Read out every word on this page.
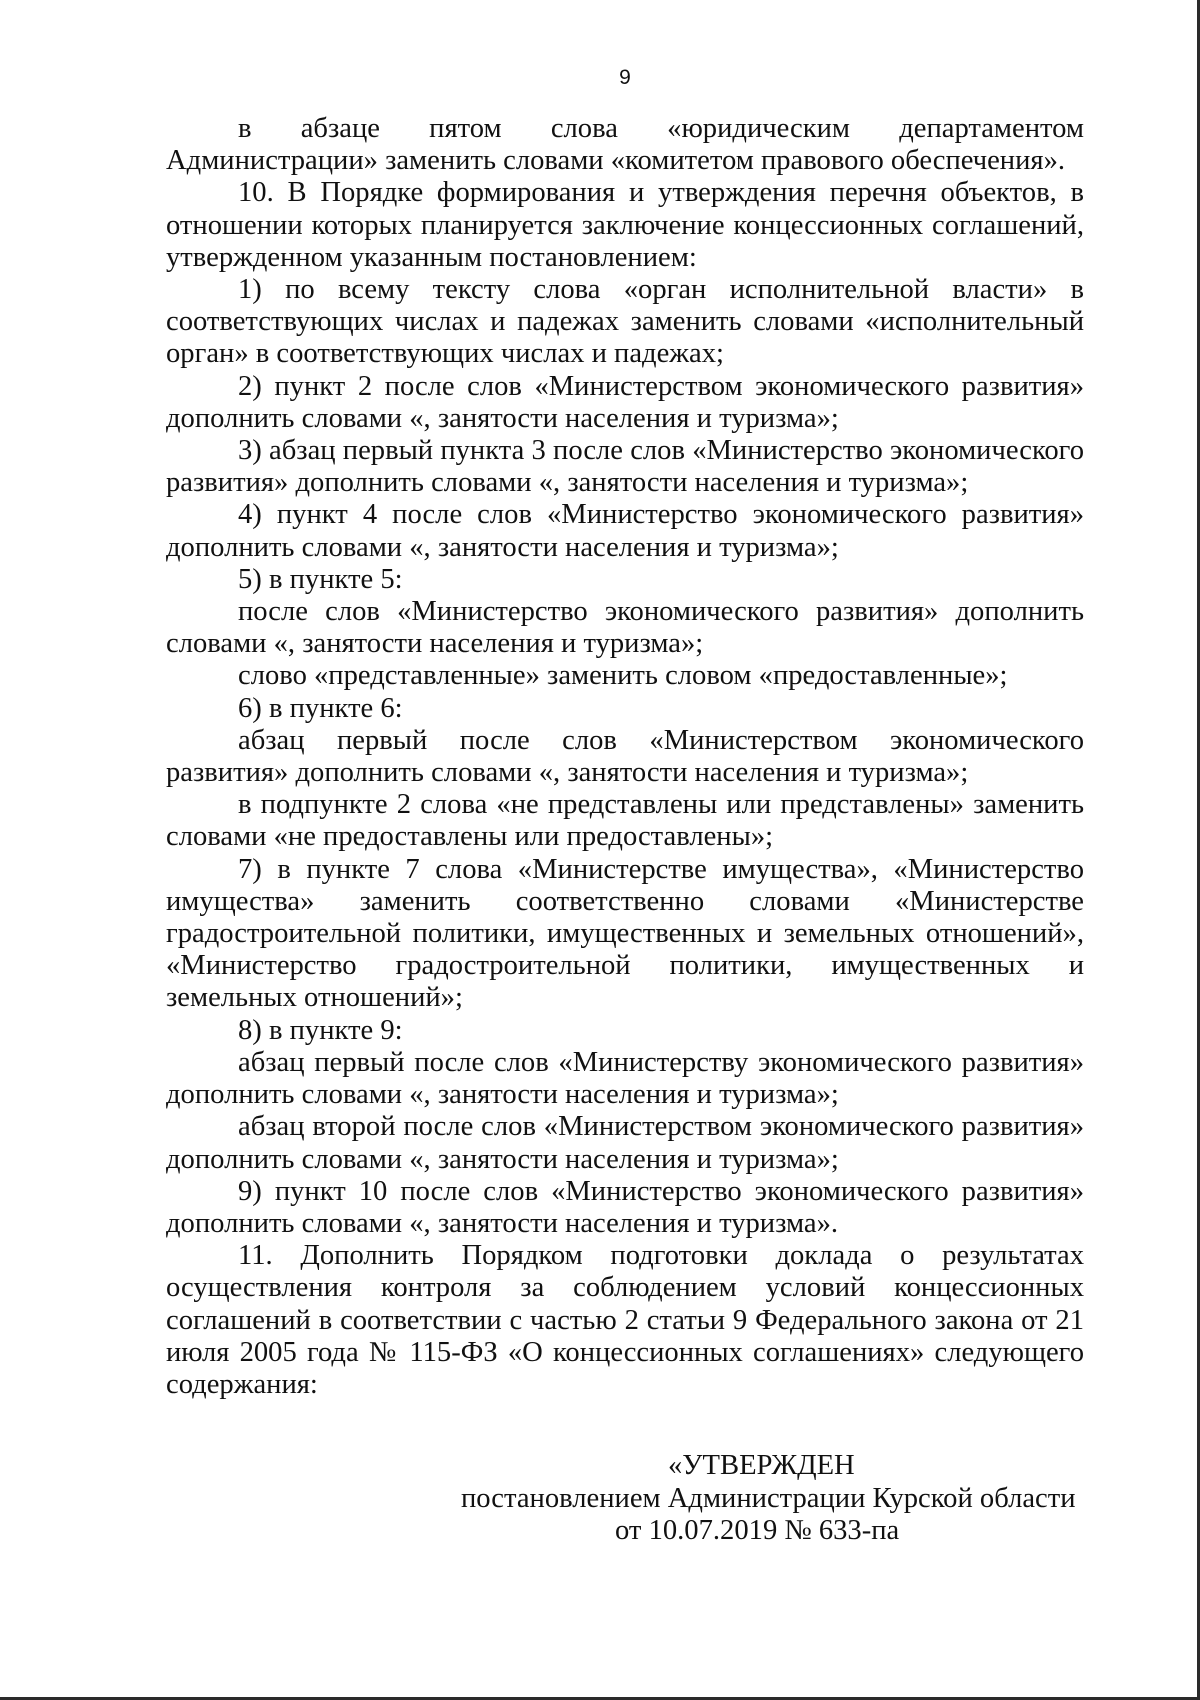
9

в абзаце пятом слова «юридическим департаментом Администрации» заменить словами «комитетом правового обеспечения».

10. В Порядке формирования и утверждения перечня объектов, в отношении которых планируется заключение концессионных соглашений, утвержденном указанным постановлением:

1) по всему тексту слова «орган исполнительной власти» в соответствующих числах и падежах заменить словами «исполнительный орган» в соответствующих числах и падежах;

2) пункт 2 после слов «Министерством экономического развития» дополнить словами «, занятости населения и туризма»;

3) абзац первый пункта 3 после слов «Министерство экономического развития» дополнить словами «, занятости населения и туризма»;

4) пункт 4 после слов «Министерство экономического развития» дополнить словами «, занятости населения и туризма»;

5) в пункте 5:

после слов «Министерство экономического развития» дополнить словами «, занятости населения и туризма»;

слово «представленные» заменить словом «предоставленные»;

6) в пункте 6:

абзац первый после слов «Министерством экономического развития» дополнить словами «, занятости населения и туризма»;

в подпункте 2 слова «не представлены или представлены» заменить словами «не предоставлены или предоставлены»;

7) в пункте 7 слова «Министерстве имущества», «Министерство имущества» заменить соответственно словами «Министерстве градостроительной политики, имущественных и земельных отношений», «Министерство градостроительной политики, имущественных и земельных отношений»;

8) в пункте 9:

абзац первый после слов «Министерству экономического развития» дополнить словами «, занятости населения и туризма»;

абзац второй после слов «Министерством экономического развития» дополнить словами «, занятости населения и туризма»;

9) пункт 10 после слов «Министерство экономического развития» дополнить словами «, занятости населения и туризма».

11. Дополнить Порядком подготовки доклада о результатах осуществления контроля за соблюдением условий концессионных соглашений в соответствии с частью 2 статьи 9 Федерального закона от 21 июля 2005 года № 115-ФЗ «О концессионных соглашениях» следующего содержания:

«УТВЕРЖДЕН
постановлением Администрации Курской области
от 10.07.2019 № 633-па
